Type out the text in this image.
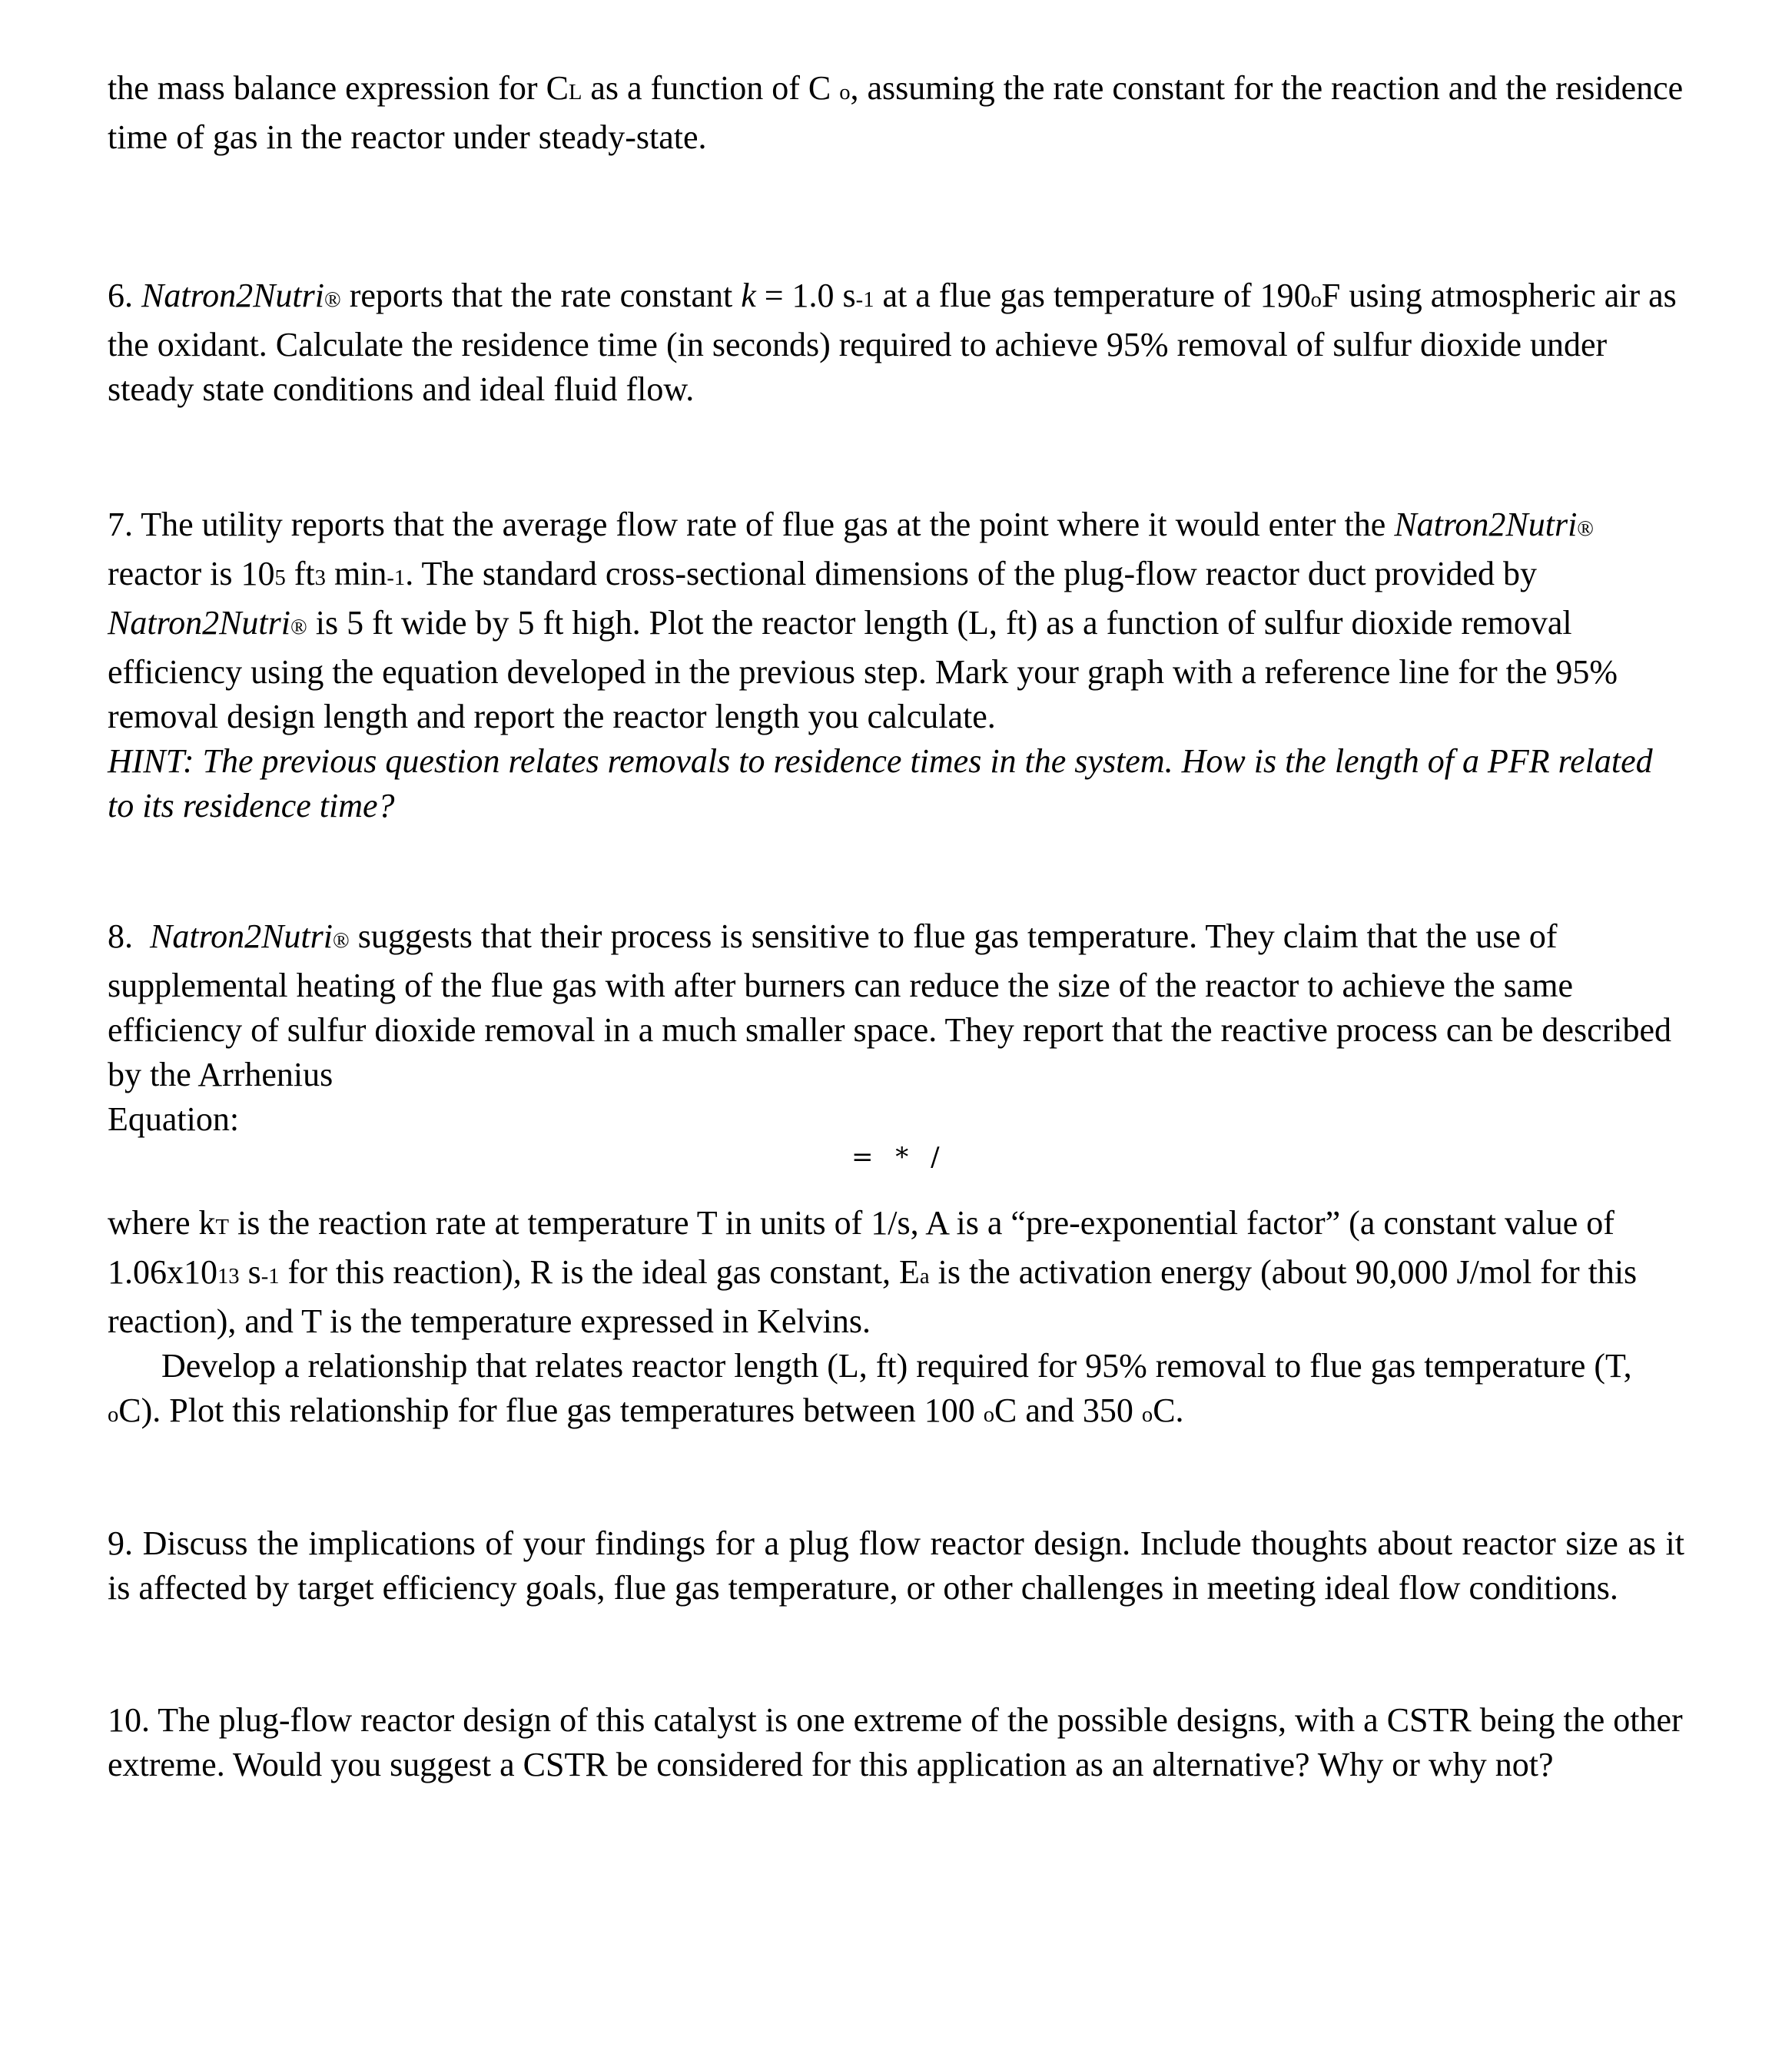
the mass balance expression for CL as a function of C o, assuming the rate constant for the reaction and the residence time of gas in the reactor under steady-state.

6. Natron2Nutri® reports that the rate constant k = 1.0 s-1 at a flue gas temperature of 190oF using atmospheric air as the oxidant. Calculate the residence time (in seconds) required to achieve 95% removal of sulfur dioxide under steady state conditions and ideal fluid flow.

7. The utility reports that the average flow rate of flue gas at the point where it would enter the Natron2Nutri® reactor is 105 ft3 min-1. The standard cross-sectional dimensions of the plug-flow reactor duct provided by Natron2Nutri® is 5 ft wide by 5 ft high. Plot the reactor length (L, ft) as a function of sulfur dioxide removal efficiency using the equation developed in the previous step. Mark your graph with a reference line for the 95% removal design length and report the reactor length you calculate.

HINT: The previous question relates removals to residence times in the system. How is the length of a PFR related to its residence time?

8.  Natron2Nutri® suggests that their process is sensitive to flue gas temperature. They claim that the use of supplemental heating of the flue gas with after burners can reduce the size of the reactor to achieve the same efficiency of sulfur dioxide removal in a much smaller space. They report that the reactive process can be described by the Arrhenius

Equation:

= * /

where kT is the reaction rate at temperature T in units of 1/s, A is a “pre-exponential factor” (a constant value of 1.06x1013 s-1 for this reaction), R is the ideal gas constant, Ea is the activation energy (about 90,000 J/mol for this reaction), and T is the temperature expressed in Kelvins.

Develop a relationship that relates reactor length (L, ft) required for 95% removal to flue gas temperature (T, oC). Plot this relationship for flue gas temperatures between 100 oC and 350 oC.

9. Discuss the implications of your findings for a plug flow reactor design. Include thoughts about reactor size as it is affected by target efficiency goals, flue gas temperature, or other challenges in meeting ideal flow conditions.

10. The plug-flow reactor design of this catalyst is one extreme of the possible designs, with a CSTR being the other extreme. Would you suggest a CSTR be considered for this application as an alternative? Why or why not?
